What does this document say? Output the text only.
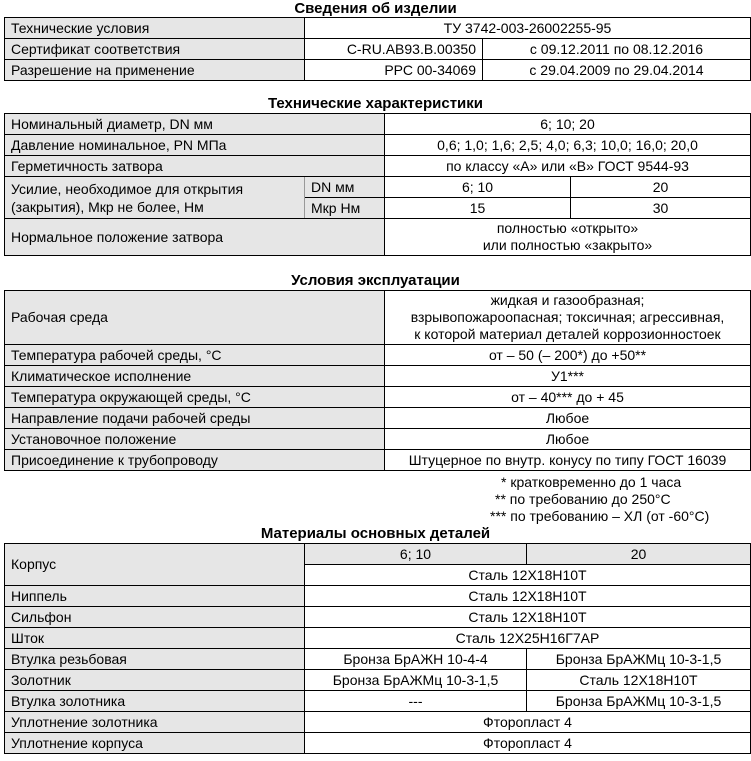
Сведения об изделии
Технические условия	ТУ 3742-003-26002255-95	
Сертификат соответствия	C-RU.AB93.B.00350	с 09.12.2011 по 08.12.2016
Разрешение на применение	РРС 00-34069	с 29.04.2009 по 29.04.2014
Технические характеристики
Номинальный диаметр, DN мм		6; 10; 20	
Давление номинальное, PN МПа		0,6; 1,0; 1,6; 2,5; 4,0; 6,3; 10,0; 16,0; 20,0	
Герметичность затвора		по классу «А» или «В» ГОСТ 9544-93	

Усилие, необходимое для открытия
(закрытия), Мкр не более, Нм	DN мм	6; 10	20
	Мкр Нм	15	30
Нормальное положение затвора		полностью «открыто»
или полностью «закрыто»	
Условия эксплуатации
Рабочая среда	жидкая и газообразная;
взрывопожароопасная; токсичная; агрессивная,
к которой материал деталей коррозионностоек

Температура рабочей среды, °С	от – 50 (– 200*) до +50**
Климатическое исполнение	У1***
Температура окружающей среды, °С	от – 40*** до + 45
Направление подачи рабочей среды	Любое
Установочное положение	Любое
Присоединение к трубопроводу	Штуцерное по внутр. конусу по типу ГОСТ 16039
* кратковременно до 1 часа
** по требованию до 250°С
*** по требованию – ХЛ (от -60°С)
Материалы основных деталей
Корпус	6; 10	20
	Сталь 12Х18Н10Т	
Ниппель	Сталь 12Х18Н10Т	
Сильфон	Сталь 12Х18Н10Т	
Шток	Сталь 12Х25Н16Г7АР	
Втулка резьбовая	Бронза БрАЖН 10-4-4	Бронза БрАЖМц 10-3-1,5
Золотник	Бронза БрАЖМц 10-3-1,5	Сталь 12Х18Н10Т
Втулка золотника	---	Бронза БрАЖМц 10-3-1,5
Уплотнение золотника	Фторопласт 4	
Уплотнение корпуса	Фторопласт 4	
